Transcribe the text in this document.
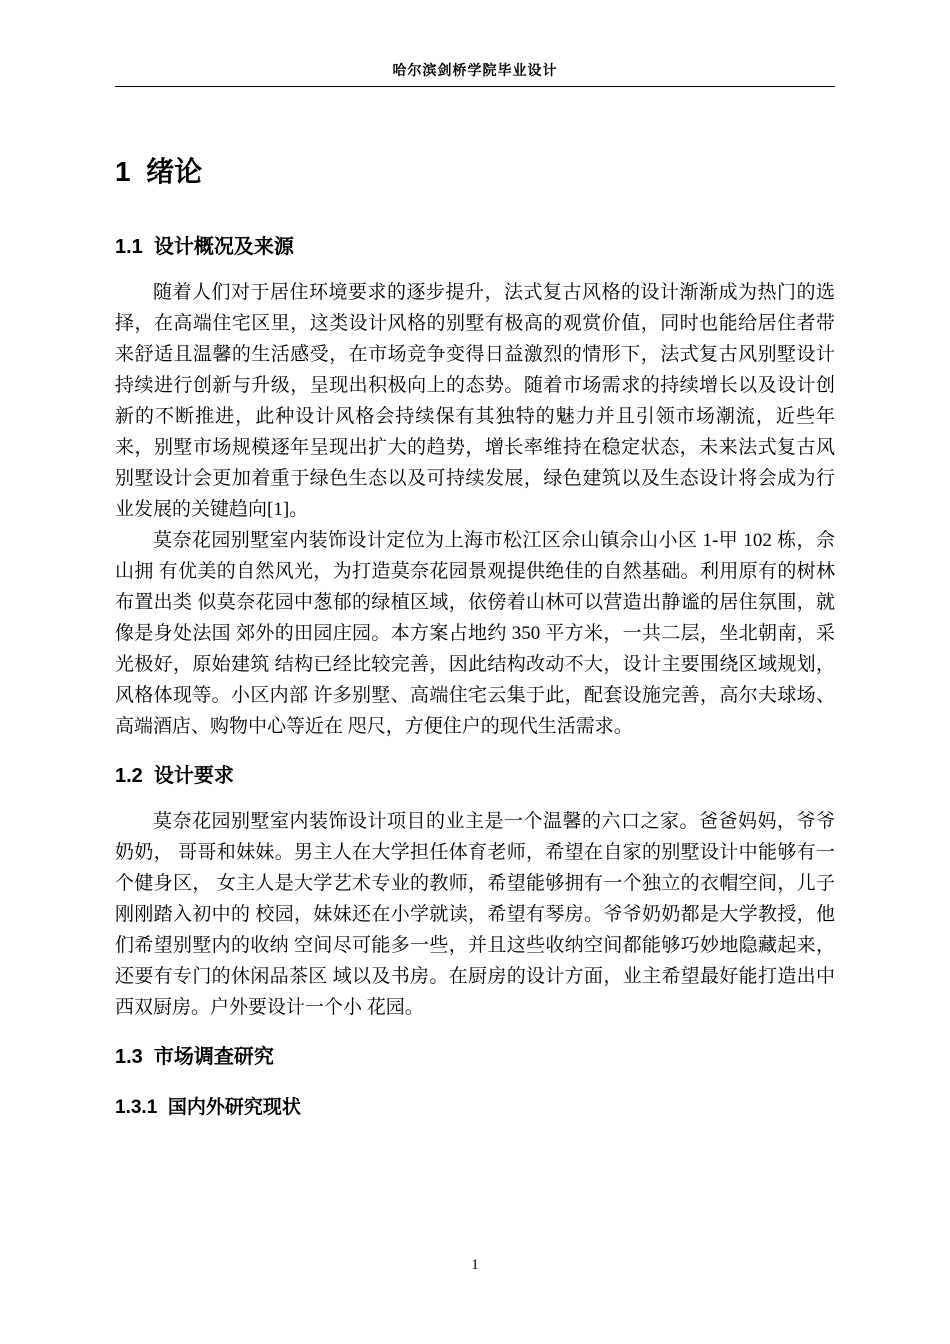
哈尔滨剑桥学院毕业设计
1  绪论
1.1  设计概况及来源

随着人们对于居住环境要求的逐步提升，法式复古风格的设计渐渐成为热门的选择，在高端住宅区里，这类设计风格的别墅有极高的观赏价值，同时也能给居住者带来舒适且温馨的生活感受，在市场竞争变得日益激烈的情形下，法式复古风别墅设计持续进行创新与升级，呈现出积极向上的态势。随着市场需求的持续增长以及设计创新的不断推进，此种设计风格会持续保有其独特的魅力并且引领市场潮流，近些年来，别墅市场规模逐年呈现出扩大的趋势，增长率维持在稳定状态，未来法式复古风别墅设计会更加着重于绿色生态以及可持续发展，绿色建筑以及生态设计将会成为行业发展的关键趋向[1]。

莫奈花园别墅室内装饰设计定位为上海市松江区佘山镇佘山小区 1-甲 102 栋，佘山拥 有优美的自然风光，为打造莫奈花园景观提供绝佳的自然基础。利用原有的树林布置出类 似莫奈花园中葱郁的绿植区域，依傍着山林可以营造出静谧的居住氛围，就像是身处法国 郊外的田园庄园。本方案占地约 350 平方米，一共二层，坐北朝南，采光极好，原始建筑 结构已经比较完善，因此结构改动不大，设计主要围绕区域规划，风格体现等。小区内部 许多别墅、高端住宅云集于此，配套设施完善，高尔夫球场、高端酒店、购物中心等近在 咫尺，方便住户的现代生活需求。

1.2  设计要求

莫奈花园别墅室内装饰设计项目的业主是一个温馨的六口之家。爸爸妈妈，爷爷奶奶， 哥哥和妹妹。男主人在大学担任体育老师，希望在自家的别墅设计中能够有一个健身区， 女主人是大学艺术专业的教师，希望能够拥有一个独立的衣帽空间，儿子刚刚踏入初中的 校园，妹妹还在小学就读，希望有琴房。爷爷奶奶都是大学教授，他们希望别墅内的收纳 空间尽可能多一些，并且这些收纳空间都能够巧妙地隐藏起来，还要有专门的休闲品茶区 域以及书房。在厨房的设计方面，业主希望最好能打造出中西双厨房。户外要设计一个小 花园。

1.3  市场调查研究
1.3.1  国内外研究现状
1
